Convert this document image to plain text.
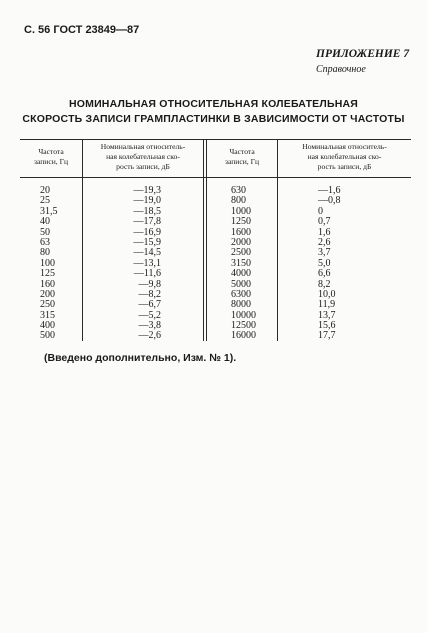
С. 56 ГОСТ 23849—87
ПРИЛОЖЕНИЕ 7
Справочное
НОМИНАЛЬНАЯ ОТНОСИТЕЛЬНАЯ КОЛЕБАТЕЛЬНАЯ
СКОРОСТЬ ЗАПИСИ ГРАМПЛАСТИНКИ В ЗАВИСИМОСТИ ОТ ЧАСТОТЫ
Частота
записи, Гц
Номинальная относитель-
ная колебательная ско-
рость записи, дБ
Частота
записи, Гц
Номинальная относитель-
ная колебательная ско-
рость записи, дБ
20
25
31,5
40
50
63
80
100
125
160
200
250
315
400
500
—19,3
—19,0
—18,5
—17,8
—16,9
—15,9
—14,5
—13,1
—11,6
—9,8
—8,2
—6,7
—5,2
—3,8
—2,6
630
800
1000
1250
1600
2000
2500
3150
4000
5000
6300
8000
10000
12500
16000
—1,6
—0,8
0
0,7
1,6
2,6
3,7
5,0
6,6
8,2
10,0
11,9
13,7
15,6
17,7
(Введено дополнительно, Изм. № 1).
